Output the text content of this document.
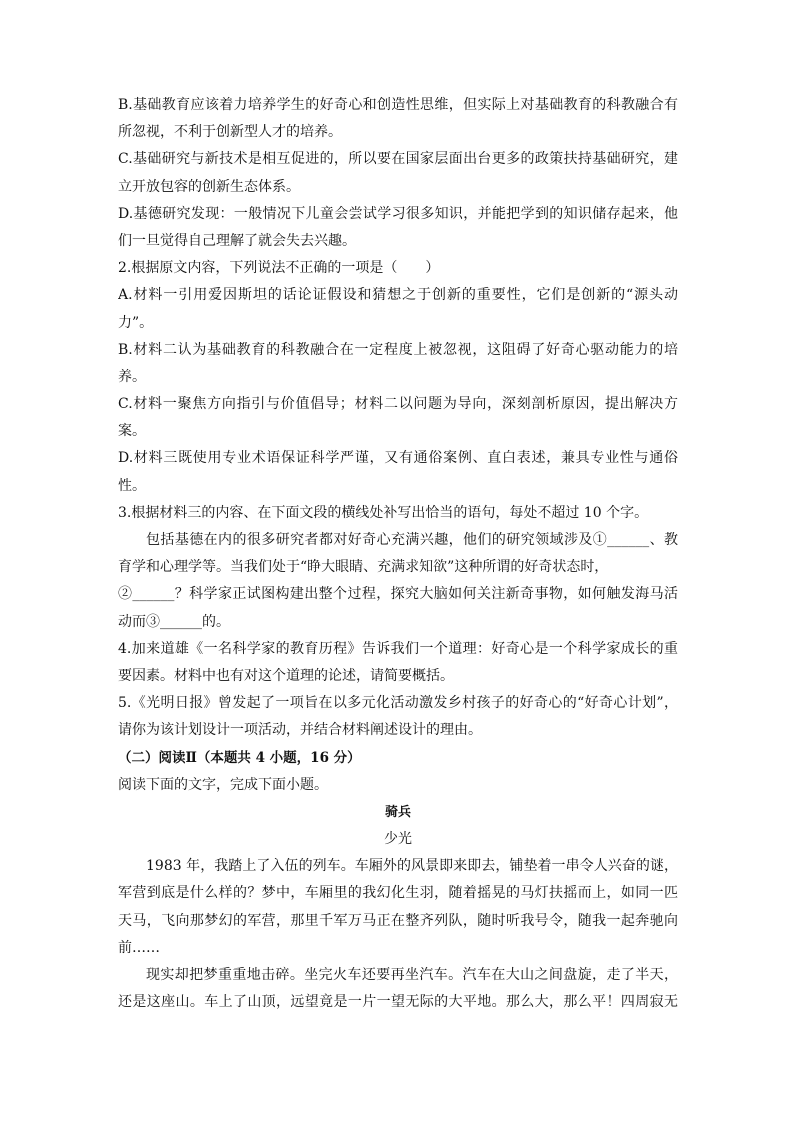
B.基础教育应该着力培养学生的好奇心和创造性思维，但实际上对基础教育的科教融合有
所忽视，不利于创新型人才的培养。
C.基础研究与新技术是相互促进的，所以要在国家层面出台更多的政策扶持基础研究，建
立开放包容的创新生态体系。
D.基德研究发现：一般情况下儿童会尝试学习很多知识，并能把学到的知识储存起来，他
们一旦觉得自己理解了就会失去兴趣。
2.根据原文内容，下列说法不正确的一项是（　　）
A.材料一引用爱因斯坦的话论证假设和猜想之于创新的重要性，它们是创新的“源头动
力”。
B.材料二认为基础教育的科教融合在一定程度上被忽视，这阻碍了好奇心驱动能力的培
养。
C.材料一聚焦方向指引与价值倡导；材料二以问题为导向，深刻剖析原因，提出解决方
案。
D.材料三既使用专业术语保证科学严谨，又有通俗案例、直白表述，兼具专业性与通俗
性。
3.根据材料三的内容、在下面文段的横线处补写出恰当的语句，每处不超过 10 个字。
包括基德在内的很多研究者都对好奇心充满兴趣，他们的研究领域涉及①______、教
育学和心理学等。当我们处于“睁大眼睛、充满求知欲”这种所谓的好奇状态时，
②______？科学家正试图构建出整个过程，探究大脑如何关注新奇事物，如何触发海马活
动而③______的。
4.加来道雄《一名科学家的教育历程》告诉我们一个道理：好奇心是一个科学家成长的重
要因素。材料中也有对这个道理的论述，请简要概括。
5.《光明日报》曾发起了一项旨在以多元化活动激发乡村孩子的好奇心的“好奇心计划”，
请你为该计划设计一项活动，并结合材料阐述设计的理由。
（二）阅读Ⅱ（本题共 4 小题，16 分）
阅读下面的文字，完成下面小题。
骑兵
少光
1983 年，我踏上了入伍的列车。车厢外的风景即来即去，铺垫着一串令人兴奋的谜，
军营到底是什么样的？梦中，车厢里的我幻化生羽，随着摇晃的马灯扶摇而上，如同一匹
天马，飞向那梦幻的军营，那里千军万马正在整齐列队，随时听我号令，随我一起奔驰向
前……
现实却把梦重重地击碎。坐完火车还要再坐汽车。汽车在大山之间盘旋，走了半天，
还是这座山。车上了山顶，远望竟是一片一望无际的大平地。那么大，那么平！四周寂无
